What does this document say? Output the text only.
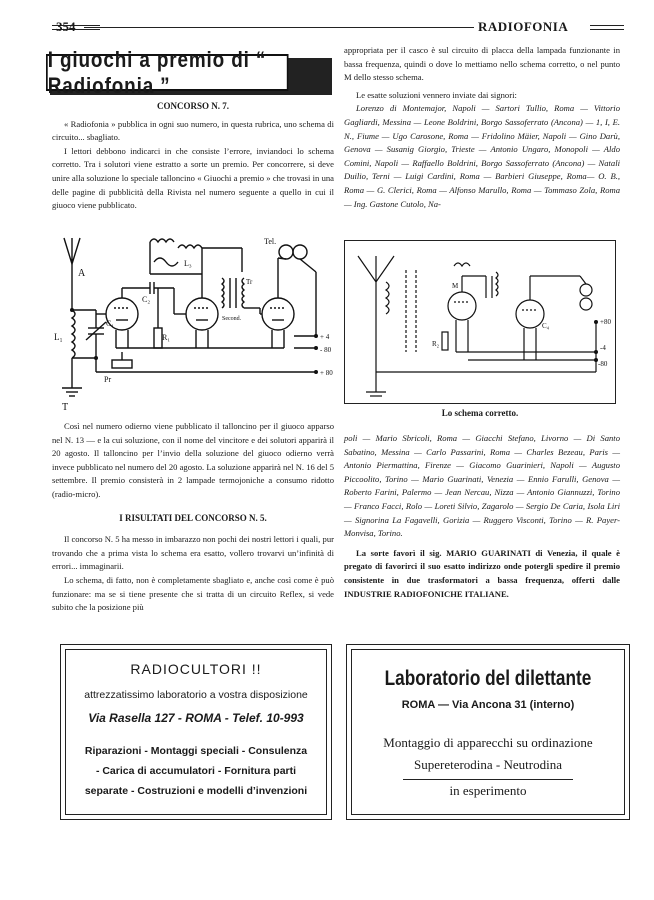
354	RADIOFONIA
I giuochi a premio di “ Radiofonia ”

CONCORSO N. 7.

« Radiofonia » pubblica in ogni suo numero, in questa rubrica, uno schema di circuito... sbagliato.

I lettori debbono indicarci in che consiste l’errore, inviandoci lo schema corretto. Tra i solutori viene estratto a sorte un premio. Per concorrere, si deve unire alla soluzione lo speciale talloncino « Giuochi a premio » che trovasi in una delle pagine di pubblicità della Rivista nel numero seguente a quello in cui il giuoco viene pubblicato.

A
T
L₁
C₁
Pr
C₂
R₁
L₃
Tel.
Tr
Second.
+ 4
- 80
+ 80

Così nel numero odierno viene pubblicato il talloncino per il giuoco apparso nel N. 13 — e la cui soluzione, con il nome del vincitore e dei solutori apparirà il 20 agosto. Il talloncino per l’invio della soluzione del giuoco odierno verrà invece pubblicato nel numero del 20 agosto. La soluzione apparirà nel N. 16 del 5 settembre. Il premio consisterà in 2 lampade termojoniche a consumo ridotto (radio-micro).

I RISULTATI DEL CONCORSO N. 5.

Il concorso N. 5 ha messo in imbarazzo non pochi dei nostri lettori i quali, pur trovando che a prima vista lo schema era esatto, vollero trovarvi un’infinità di errori... immaginarii.

Lo schema, di fatto, non è completamente sbagliato e, anche così come è può funzionare: ma se si tiene presente che si tratta di un circuito Reflex, si vede subito che la posizione più

appropriata per il casco è sul circuito di placca della lampada funzionante in bassa frequenza, quindi o dove lo mettiamo nello schema corretto, o nel punto M dello stesso schema.

Le esatte soluzioni vennero inviate dai signori:

Lorenzo di Montemajor, Napoli — Sartori Tullio, Roma — Vittorio Gagliardi, Messina — Leone Boldrini, Borgo Sassoferrato (Ancona) — 1, I, E. N., Fiume — Ugo Carosone, Roma — Fridolino Mäier, Napoli — Gino Darù, Genova — Susanig Giorgio, Trieste — Antonio Ungaro, Monopoli — Aldo Comini, Napoli — Raffaello Boldrini, Borgo Sassoferrato (Ancona) — Natali Duilio, Terni — Luigi Cardini, Roma — Barbieri Giuseppe, Roma— O. B., Roma — G. Clerici, Roma — Alfonso Marullo, Roma — Tommaso Zola, Roma — Ing. Gastone Cutolo, Na-

M
R₂
C₄	+80
-4
-80
Lo schema corretto.

poli — Mario Sbricoli, Roma — Giacchi Stefano, Livorno — Di Santo Sabatino, Messina — Carlo Passarini, Roma — Charles Bezeau, Paris — Antonio Piermattina, Firenze — Giacomo Guarinieri, Napoli — Augusto Piccoolito, Torino — Mario Guarinati, Venezia — Ennio Farulli, Genova — Roberto Farini, Palermo — Jean Nercau, Nizza — Antonio Giannuzzi, Torino — Franco Facci, Rolo — Loreti Silvio, Zagarolo — Sergio De Caria, Isola Liri — Signorina La Fagavelli, Gorizia — Ruggero Visconti, Torino — R. Payer-Monvisa, Torino.

La sorte favorì il sig. MARIO GUARINATI di Venezia, il quale è pregato di favorirci il suo esatto indirizzo onde potergli spedire il premio consistente in due trasformatori a bassa frequenza, offerti dalle INDUSTRIE RADIOFONICHE ITALIANE.

RADIOCULTORI !!
attrezzatissimo laboratorio a vostra disposizione
Via Rasella 127 - ROMA - Telef. 10-993
Riparazioni - Montaggi speciali - Consulenza
- Carica di accumulatori - Fornitura parti
separate - Costruzioni e modelli d’invenzioni
Laboratorio del dilettante
ROMA — Via Ancona 31 (interno)
Montaggio di apparecchi su ordinazione
Supereterodina - Neutrodina
in esperimento
